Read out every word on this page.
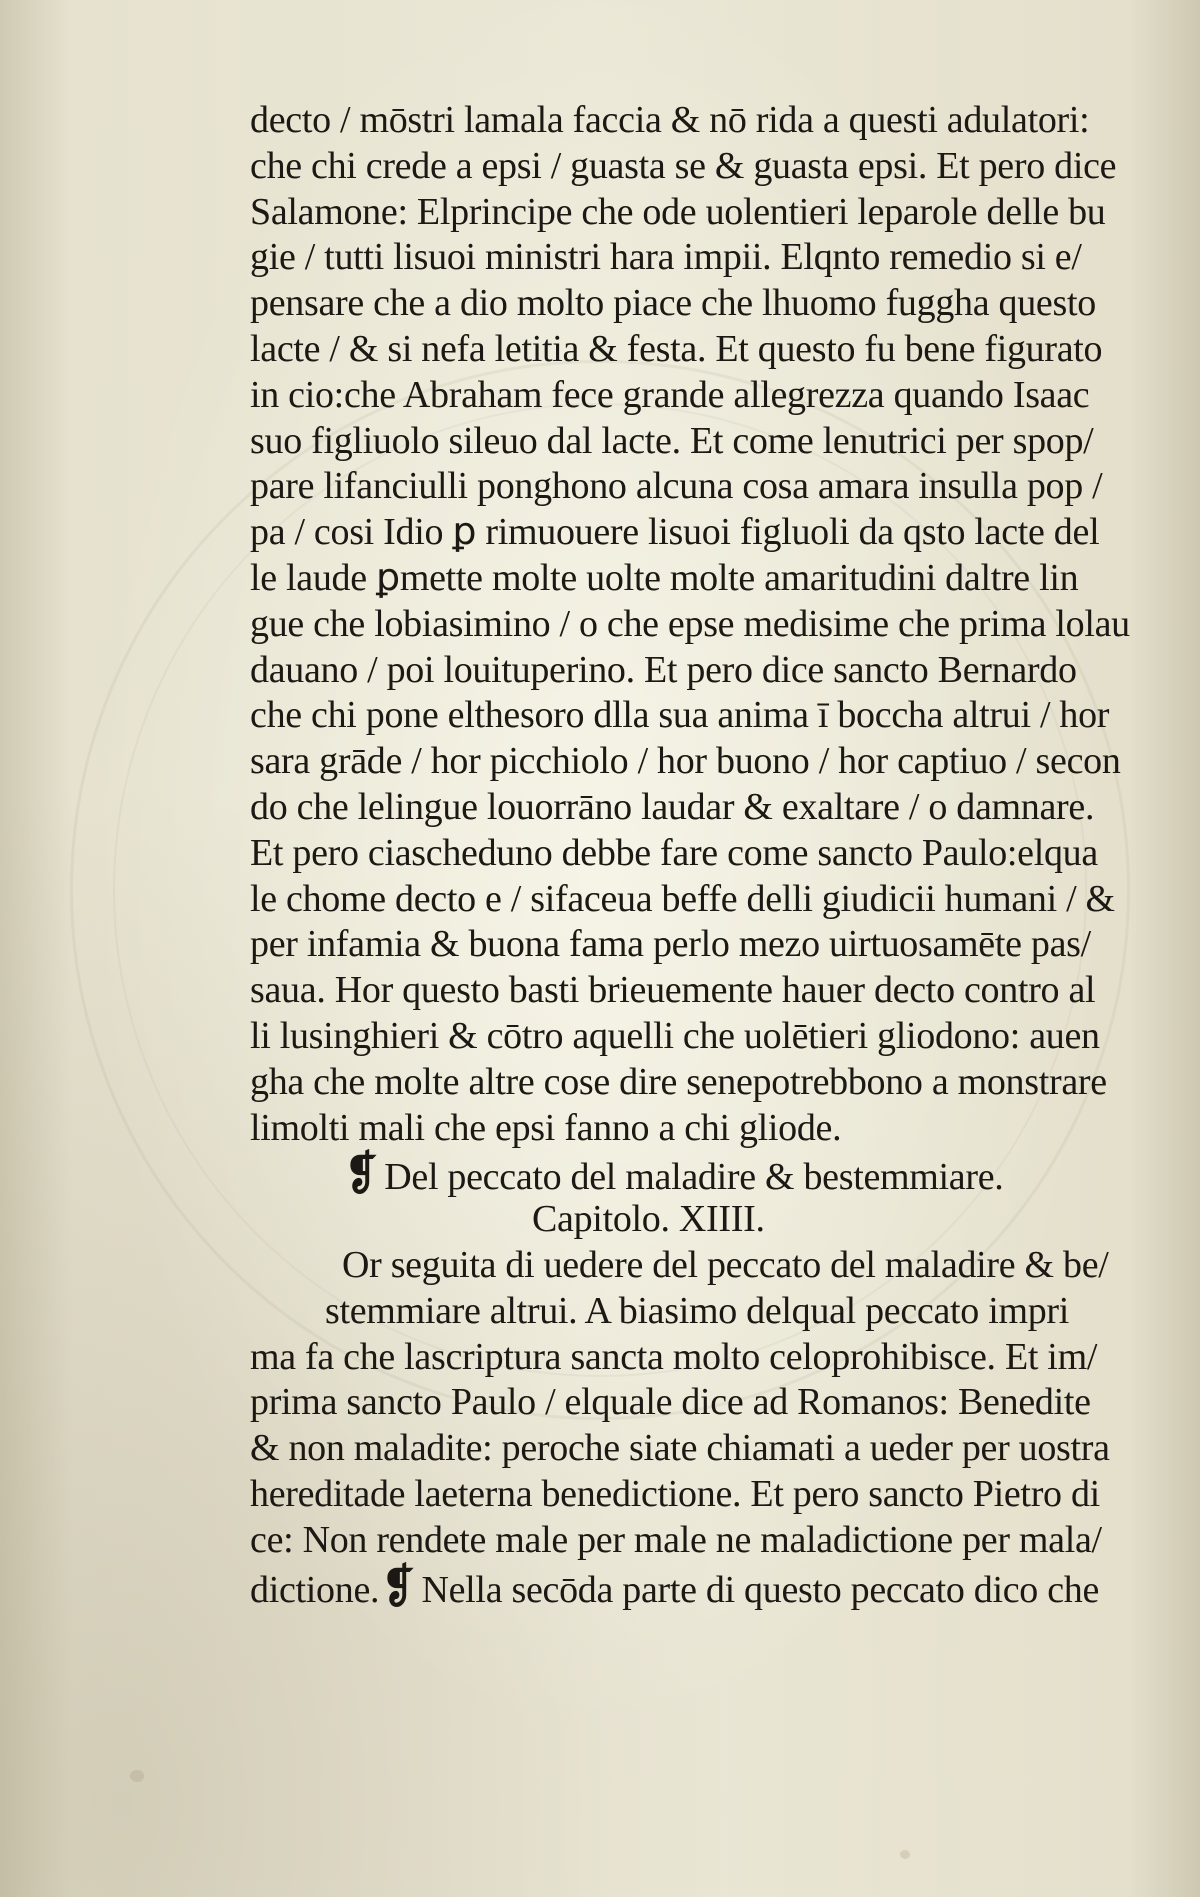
decto / mōstri lamala faccia & nō rida a questi adulatori:
che chi crede a epsi / guasta se & guasta epsi. Et pero dice
Salamone: Elprincipe che ode uolentieri leparole delle bu
gie / tutti lisuoi ministri hara impii. Elqnto remedio si e/
pensare che a dio molto piace che lhuomo fuggha questo
lacte / & si nefa letitia & festa. Et questo fu bene figurato
in cio:che Abraham fece grande allegrezza quando Isaac
suo figliuolo sileuo dal lacte. Et come lenutrici per spop/
pare lifanciulli ponghono alcuna cosa amara insulla pop /
pa / cosi Idio ꝑ rimuouere lisuoi figluoli da qsto lacte del
le laude ꝑmette molte uolte molte amaritudini daltre lin
gue che lobiasimino / o che epse medisime che prima lolau
dauano / poi louituperino. Et pero dice sancto Bernardo
che chi pone elthesoro dlla sua anima ī boccha altrui / hor
sara grāde / hor picchiolo / hor buono / hor captiuo / secon
do che lelingue louorrāno laudar & exaltare / o damnare.
Et pero ciascheduno debbe fare come sancto Paulo:elqua
le chome decto e / sifaceua beffe delli giudicii humani / &
per infamia & buona fama perlo mezo uirtuosamēte pas/
saua. Hor questo basti brieuemente hauer decto contro al
li lusinghieri & cōtro aquelli che uolētieri gliodono: auen
gha che molte altre cose dire senepotrebbono a monstrare
limolti mali che epsi fanno a chi gliode.
❡ Del peccato del maladire & bestemmiare.
Capitolo. XIIII.
Or seguita di uedere del peccato del maladire & be/
stemmiare altrui. A biasimo delqual peccato impri
ma fa che lascriptura sancta molto celoprohibisce. Et im/
prima sancto Paulo / elquale dice ad Romanos: Benedite
& non maladite: peroche siate chiamati a ueder per uostra
hereditade laeterna benedictione. Et pero sancto Pietro di
ce: Non rendete male per male ne maladictione per mala/
dictione.❡ Nella secōda parte di questo peccato dico che
